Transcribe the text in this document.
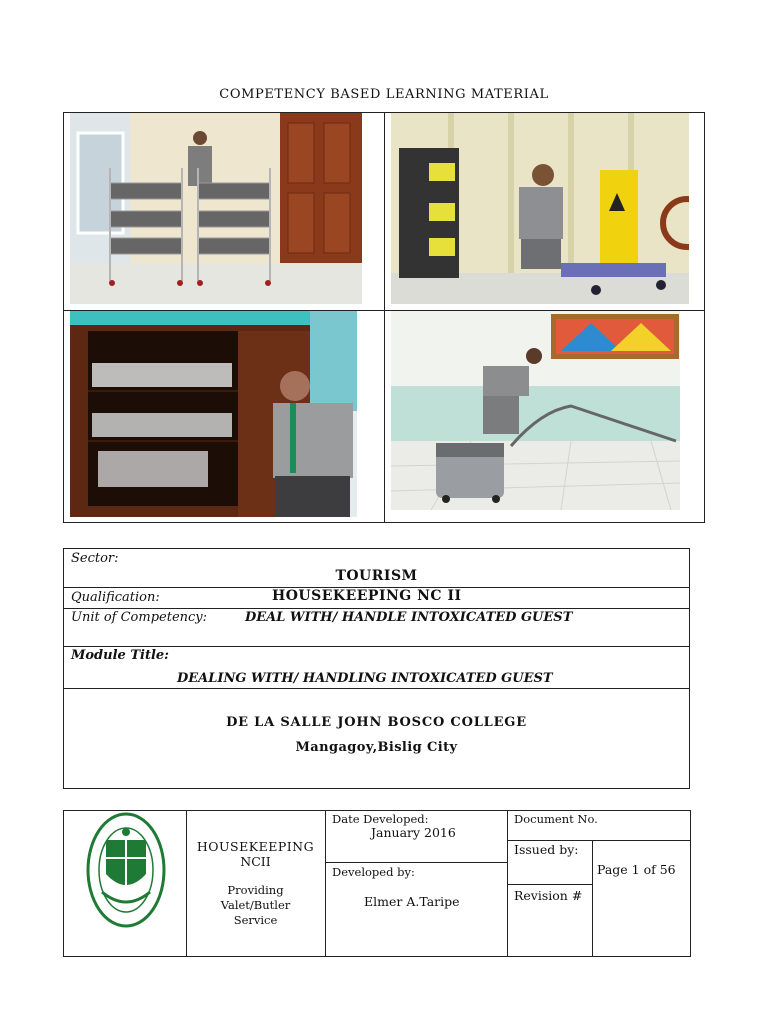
COMPETENCY BASED LEARNING MATERIAL
Sector:
TOURISM
Qualification:	HOUSEKEEPING NC II
Unit of Competency:	DEAL WITH/ HANDLE INTOXICATED GUEST
Module Title:
DEALING WITH/ HANDLING INTOXICATED GUEST
DE LA SALLE JOHN BOSCO COLLEGE
Mangagoy,Bislig City
HOUSEKEEPING
NCII
Providing
Valet/Butler
Service
Date Developed:
January 2016
Developed by:
Elmer A.Taripe
Document No.
Issued by:
Revision #
Page 1 of 56
